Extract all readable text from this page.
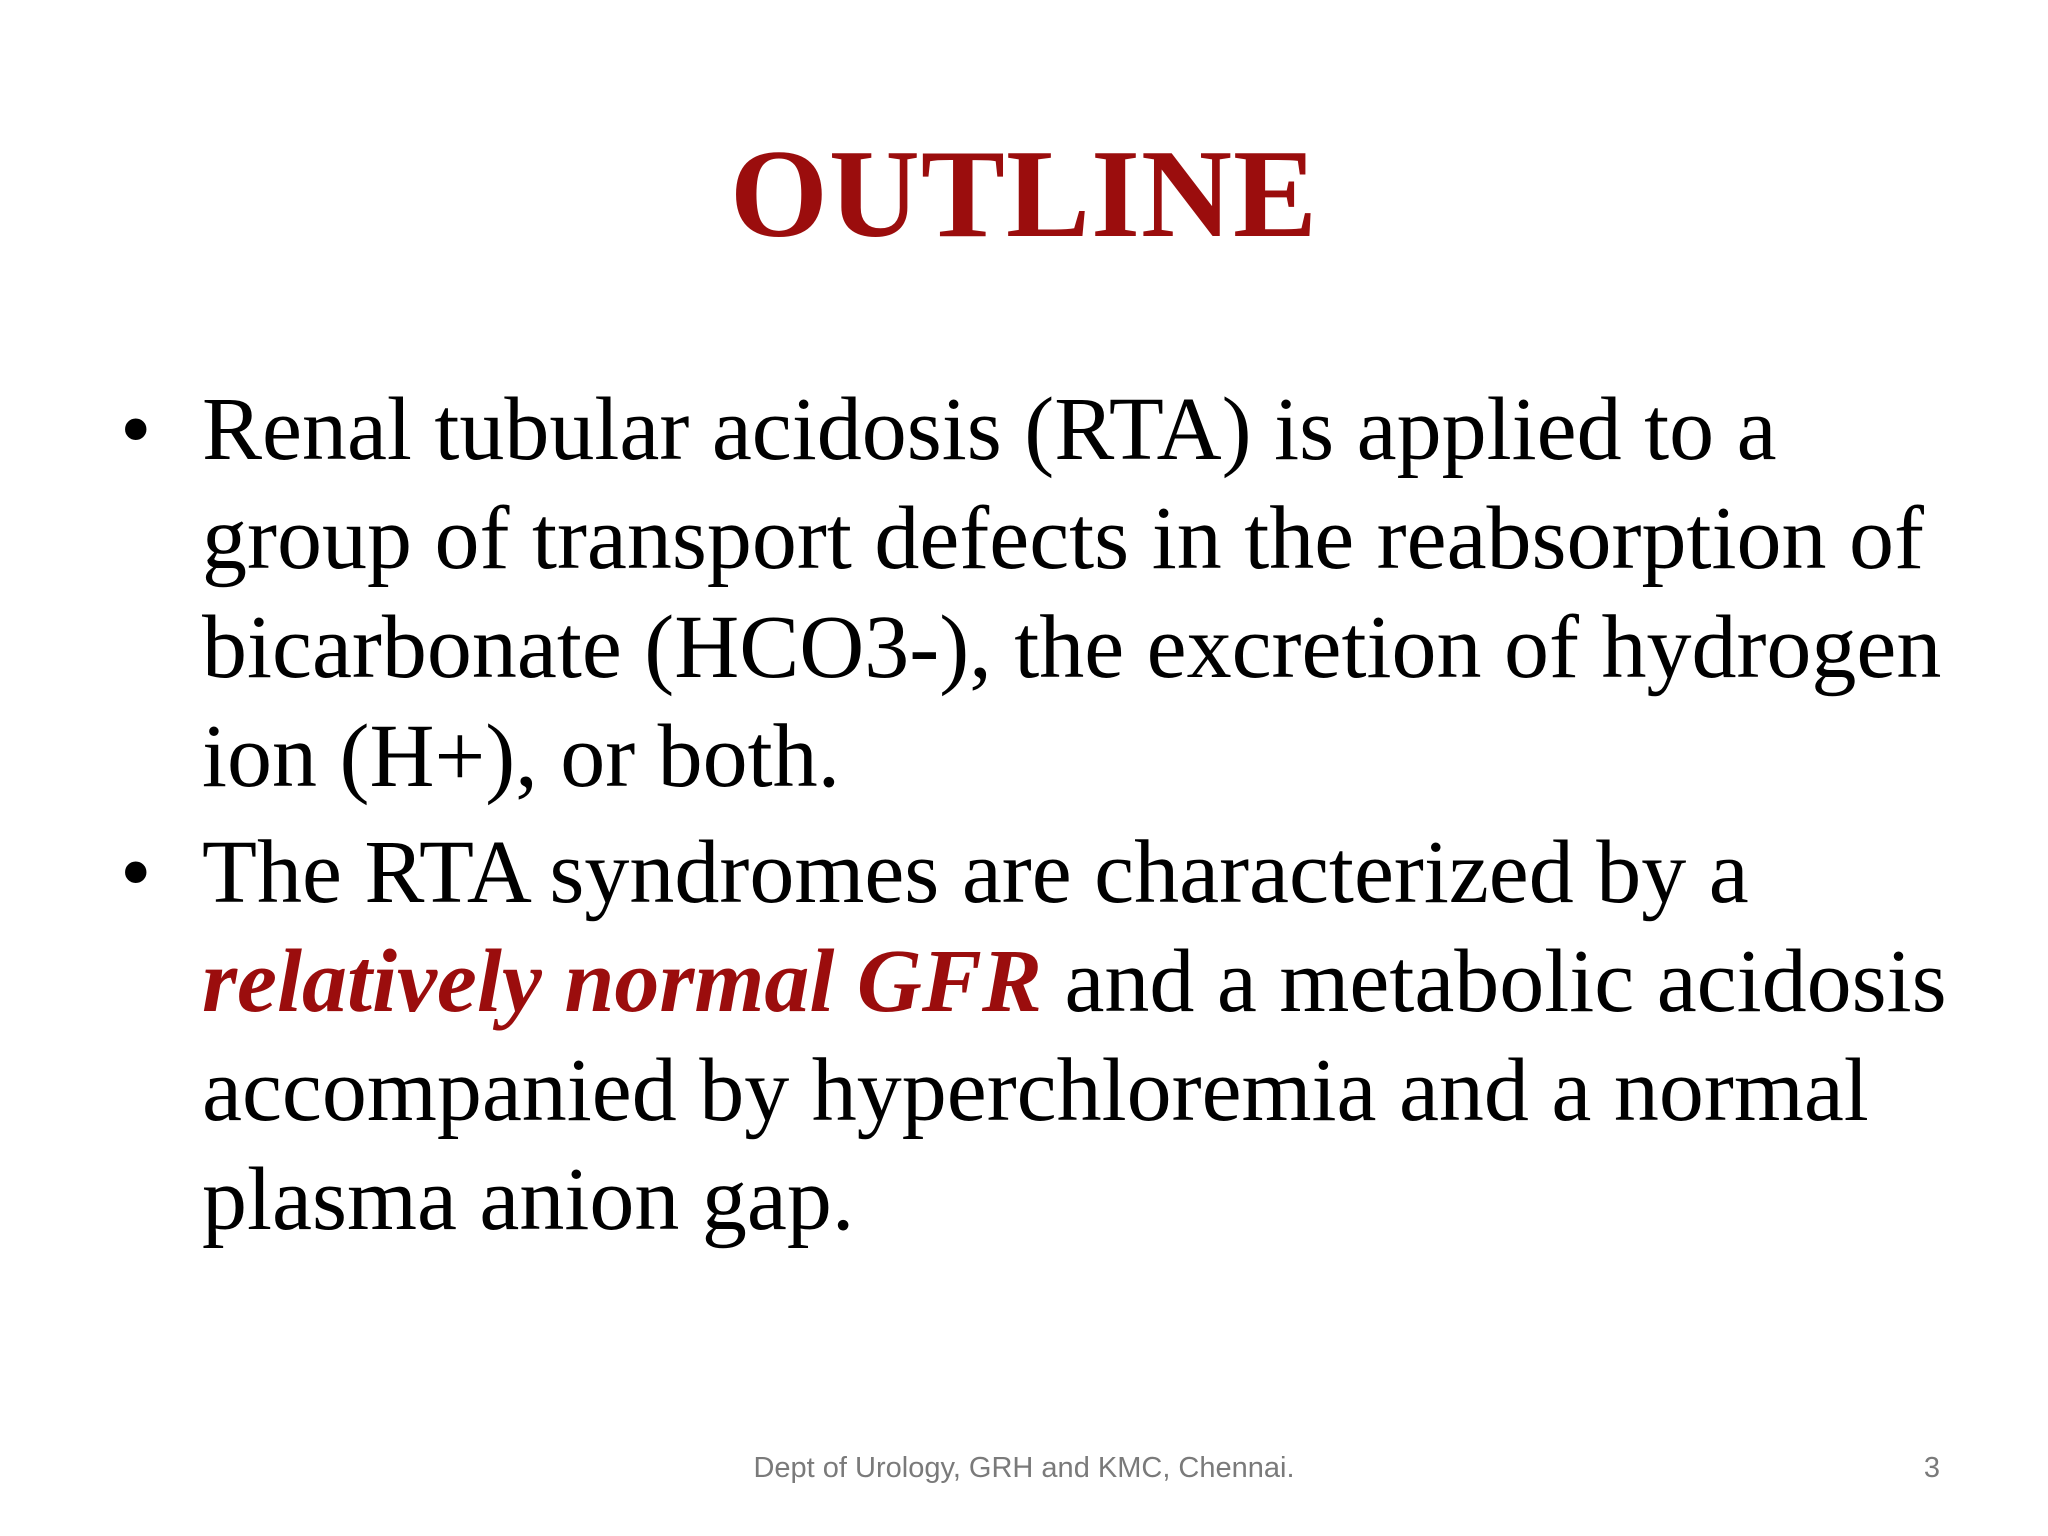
OUTLINE
• Renal tubular acidosis (RTA) is applied to a group of transport defects in the reabsorption of bicarbonate (HCO3-), the excretion of hydrogen ion (H+), or both.
• The RTA syndromes are characterized by a relatively normal GFR and a metabolic acidosis accompanied by hyperchloremia and a normal plasma anion gap.
Dept of Urology, GRH and KMC, Chennai.	3
